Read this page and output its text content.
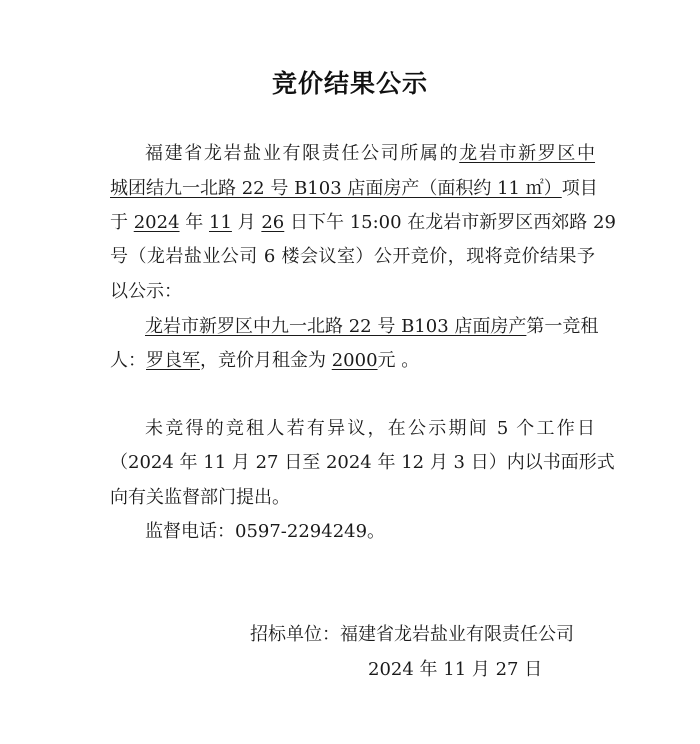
竞价结果公示
福建省龙岩盐业有限责任公司所属的龙岩市新罗区中
城团结九一北路 22 号 B103 店面房产（面积约 11 ㎡）项目
于 2024 年 11 月 26 日下午 15:00 在龙岩市新罗区西郊路 29
号（龙岩盐业公司 6 楼会议室）公开竞价，现将竞价结果予
以公示：
龙岩市新罗区中九一北路 22 号 B103 店面房产第一竞租
人：罗良军，竞价月租金为 2000元 。
未竞得的竞租人若有异议，在公示期间 5 个工作日
（2024 年 11 月 27 日至 2024 年 12 月 3 日）内以书面形式
向有关监督部门提出。
监督电话：0597-2294249。
招标单位：福建省龙岩盐业有限责任公司
2024 年 11 月 27 日
